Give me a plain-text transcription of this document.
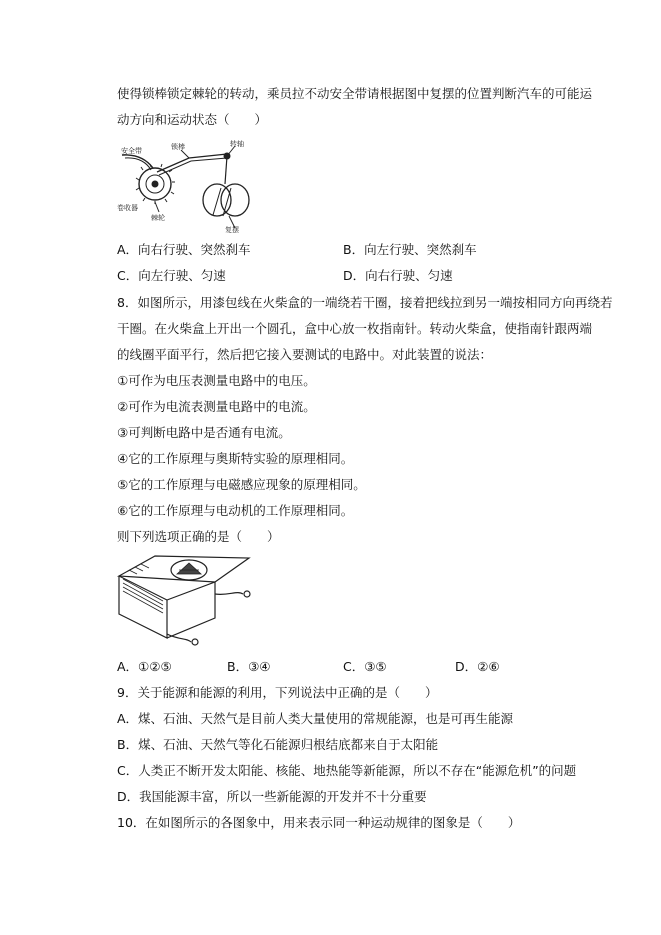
使得锁棒锁定棘轮的转动，乘员拉不动安全带请根据图中复摆的位置判断汽车的可能运
动方向和运动状态（　　）
安全带	锁棒	转轴
卷收器
棘轮
复摆
A．向右行驶、突然刹车	B．向左行驶、突然刹车
C．向左行驶、匀速	D．向右行驶、匀速
8．如图所示，用漆包线在火柴盒的一端绕若干圈，接着把线拉到另一端按相同方向再绕若
干圈。在火柴盒上开出一个圆孔，盒中心放一枚指南针。转动火柴盒，使指南针跟两端
的线圈平面平行，然后把它接入要测试的电路中。对此装置的说法：
①可作为电压表测量电路中的电压。
②可作为电流表测量电路中的电流。
③可判断电路中是否通有电流。
④它的工作原理与奥斯特实验的原理相同。
⑤它的工作原理与电磁感应现象的原理相同。
⑥它的工作原理与电动机的工作原理相同。
则下列选项正确的是（　　）
A．①②⑤	B．③④	C．③⑤	D．②⑥
9．关于能源和能源的利用，下列说法中正确的是（　　）
A．煤、石油、天然气是目前人类大量使用的常规能源，也是可再生能源
B．煤、石油、天然气等化石能源归根结底都来自于太阳能
C．人类正不断开发太阳能、核能、地热能等新能源，所以不存在“能源危机”的问题
D．我国能源丰富，所以一些新能源的开发并不十分重要
10．在如图所示的各图象中，用来表示同一种运动规律的图象是（　　）
